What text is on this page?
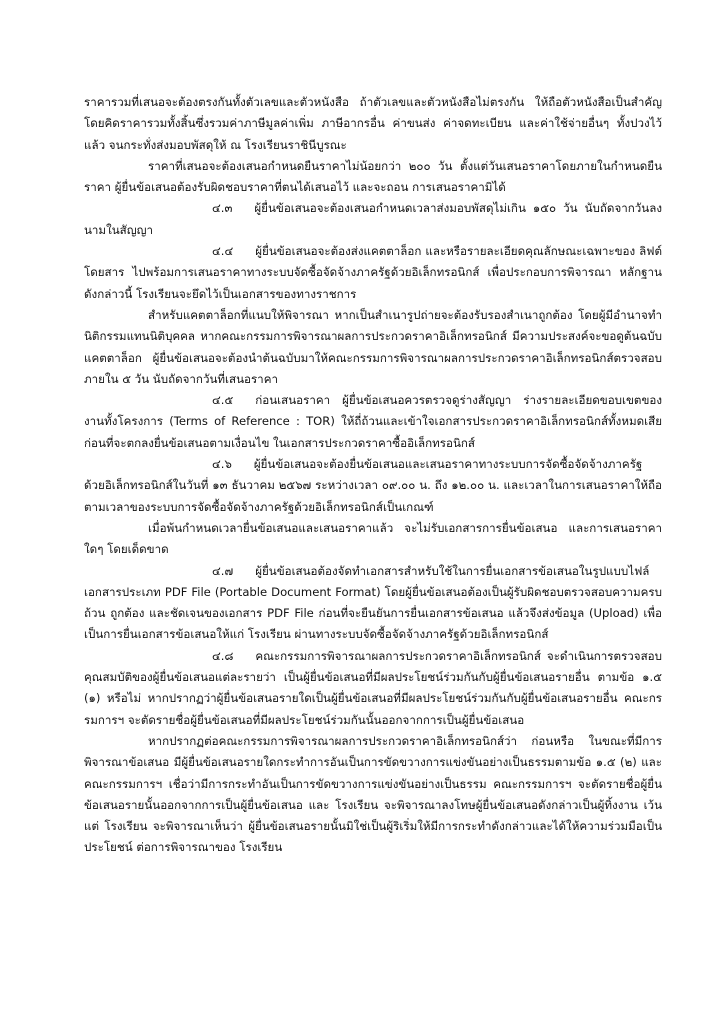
ราคารวมที่เสนอจะต้องตรงกันทั้งตัวเลขและตัวหนังสือ ถ้าตัวเลขและตัวหนังสือไม่ตรงกัน ให้ถือตัวหนังสือเป็นสำคัญ โดยคิดราคารวมทั้งสิ้นซึ่งรวมค่าภาษีมูลค่าเพิ่ม ภาษีอากรอื่น ค่าขนส่ง ค่าจดทะเบียน และค่าใช้จ่ายอื่นๆ ทั้งปวงไว้แล้ว จนกระทั่งส่งมอบพัสดุให้ ณ โรงเรียนราชินีบูรณะ

ราคาที่เสนอจะต้องเสนอกำหนดยืนราคาไม่น้อยกว่า ๒๐๐ วัน ตั้งแต่วันเสนอราคาโดยภายในกำหนดยืนราคา ผู้ยื่นข้อเสนอต้องรับผิดชอบราคาที่ตนได้เสนอไว้ และจะถอน การเสนอราคามิได้

๔.๓ ผู้ยื่นข้อเสนอจะต้องเสนอกำหนดเวลาส่งมอบพัสดุไม่เกิน ๑๕๐ วัน นับถัดจากวันลงนามในสัญญา

๔.๔ ผู้ยื่นข้อเสนอจะต้องส่งแคตตาล็อก และหรือรายละเอียดคุณลักษณะเฉพาะของ ลิฟต์โดยสาร ไปพร้อมการเสนอราคาทางระบบจัดซื้อจัดจ้างภาครัฐด้วยอิเล็กทรอนิกส์ เพื่อประกอบการพิจารณา หลักฐานดังกล่าวนี้ โรงเรียนจะยึดไว้เป็นเอกสารของทางราชการ

สำหรับแคตตาล็อกที่แนบให้พิจารณา หากเป็นสำเนารูปถ่ายจะต้องรับรองสำเนาถูกต้อง โดยผู้มีอำนาจทำนิติกรรมแทนนิติบุคคล หากคณะกรรมการพิจารณาผลการประกวดราคาอิเล็กทรอนิกส์ มีความประสงค์จะขอดูต้นฉบับแคตตาล็อก ผู้ยื่นข้อเสนอจะต้องนำต้นฉบับมาให้คณะกรรมการพิจารณาผลการประกวดราคาอิเล็กทรอนิกส์ตรวจสอบภายใน ๕ วัน นับถัดจากวันที่เสนอราคา

๔.๕ ก่อนเสนอราคา ผู้ยื่นข้อเสนอควรตรวจดูร่างสัญญา ร่างรายละเอียดขอบเขตของงานทั้งโครงการ (Terms of Reference : TOR) ให้ถี่ถ้วนและเข้าใจเอกสารประกวดราคาอิเล็กทรอนิกส์ทั้งหมดเสียก่อนที่จะตกลงยื่นข้อเสนอตามเงื่อนไข ในเอกสารประกวดราคาซื้ออิเล็กทรอนิกส์

๔.๖ ผู้ยื่นข้อเสนอจะต้องยื่นข้อเสนอและเสนอราคาทางระบบการจัดซื้อจัดจ้างภาครัฐ ด้วยอิเล็กทรอนิกส์ในวันที่ ๑๓ ธันวาคม ๒๕๖๗ ระหว่างเวลา ๐๙.๐๐ น. ถึง ๑๒.๐๐ น. และเวลาในการเสนอราคาให้ถือตามเวลาของระบบการจัดซื้อจัดจ้างภาครัฐด้วยอิเล็กทรอนิกส์เป็นเกณฑ์

เมื่อพ้นกำหนดเวลายื่นข้อเสนอและเสนอราคาแล้ว จะไม่รับเอกสารการยื่นข้อเสนอ และการเสนอราคาใดๆ โดยเด็ดขาด

๔.๗ ผู้ยื่นข้อเสนอต้องจัดทำเอกสารสำหรับใช้ในการยื่นเอกสารข้อเสนอในรูปแบบไฟล์เอกสารประเภท PDF File (Portable Document Format) โดยผู้ยื่นข้อเสนอต้องเป็นผู้รับผิดชอบตรวจสอบความครบถ้วน ถูกต้อง และชัดเจนของเอกสาร PDF File ก่อนที่จะยืนยันการยื่นเอกสารข้อเสนอ แล้วจึงส่งข้อมูล (Upload) เพื่อเป็นการยื่นเอกสารข้อเสนอให้แก่ โรงเรียน ผ่านทางระบบจัดซื้อจัดจ้างภาครัฐด้วยอิเล็กทรอนิกส์

๔.๘ คณะกรรมการพิจารณาผลการประกวดราคาอิเล็กทรอนิกส์ จะดำเนินการตรวจสอบคุณสมบัติของผู้ยื่นข้อเสนอแต่ละรายว่า เป็นผู้ยื่นข้อเสนอที่มีผลประโยชน์ร่วมกันกับผู้ยื่นข้อเสนอรายอื่น ตามข้อ ๑.๕ (๑) หรือไม่ หากปรากฏว่าผู้ยื่นข้อเสนอรายใดเป็นผู้ยื่นข้อเสนอที่มีผลประโยชน์ร่วมกันกับผู้ยื่นข้อเสนอรายอื่น คณะกรรมการฯ จะตัดรายชื่อผู้ยื่นข้อเสนอที่มีผลประโยชน์ร่วมกันนั้นออกจากการเป็นผู้ยื่นข้อเสนอ

หากปรากฏต่อคณะกรรมการพิจารณาผลการประกวดราคาอิเล็กทรอนิกส์ว่า ก่อนหรือ ในขณะที่มีการพิจารณาข้อเสนอ มีผู้ยื่นข้อเสนอรายใดกระทำการอันเป็นการขัดขวางการแข่งขันอย่างเป็นธรรมตามข้อ ๑.๕ (๒) และคณะกรรมการฯ เชื่อว่ามีการกระทำอันเป็นการขัดขวางการแข่งขันอย่างเป็นธรรม คณะกรรมการฯ จะตัดรายชื่อผู้ยื่นข้อเสนอรายนั้นออกจากการเป็นผู้ยื่นข้อเสนอ และ โรงเรียน จะพิจารณาลงโทษผู้ยื่นข้อเสนอดังกล่าวเป็นผู้ทิ้งงาน เว้นแต่ โรงเรียน จะพิจารณาเห็นว่า ผู้ยื่นข้อเสนอรายนั้นมิใช่เป็นผู้ริเริ่มให้มีการกระทำดังกล่าวและได้ให้ความร่วมมือเป็นประโยชน์ ต่อการพิจารณาของ โรงเรียน
